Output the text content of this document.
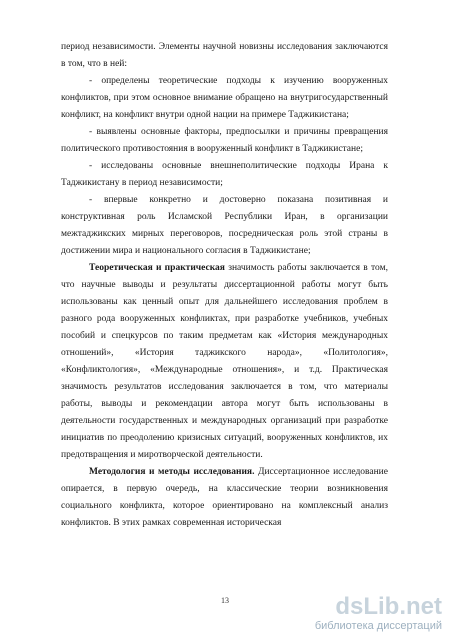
период независимости. Элементы научной новизны исследования заключаются в том, что в ней:

- определены теоретические подходы к изучению вооруженных конфликтов, при этом основное внимание обращено на внутригосударственный конфликт, на конфликт внутри одной нации на примере Таджикистана;

- выявлены основные факторы, предпосылки и причины превращения политического противостояния в вооруженный конфликт в Таджикистане;

- исследованы основные внешнеполитические подходы Ирана к Таджикистану в период независимости;

- впервые конкретно и достоверно показана позитивная и конструктивная роль Исламской Республики Иран, в организации межтаджикских мирных переговоров, посредническая роль этой страны в достижении мира и национального согласия в Таджикистане;

Теоретическая и практическая значимость работы заключается в том, что научные выводы и результаты диссертационной работы могут быть использованы как ценный опыт для дальнейшего исследования проблем в разного рода вооруженных конфликтах, при разработке учебников, учебных пособий и спецкурсов по таким предметам как «История международных отношений», «История таджикского народа», «Политология», «Конфликтология», «Международные отношения», и т.д. Практическая значимость результатов исследования заключается в том, что материалы работы, выводы и рекомендации автора могут быть использованы в деятельности государственных и международных организаций при разработке инициатив по преодолению кризисных ситуаций, вооруженных конфликтов, их предотвращения и миротворческой деятельности.

Методология и методы исследования. Диссертационное исследование опирается, в первую очередь, на классические теории возникновения социального конфликта, которое ориентировано на комплексный анализ конфликтов. В этих рамках современная историческая

13	dsLib.net
библиотека диссертаций
